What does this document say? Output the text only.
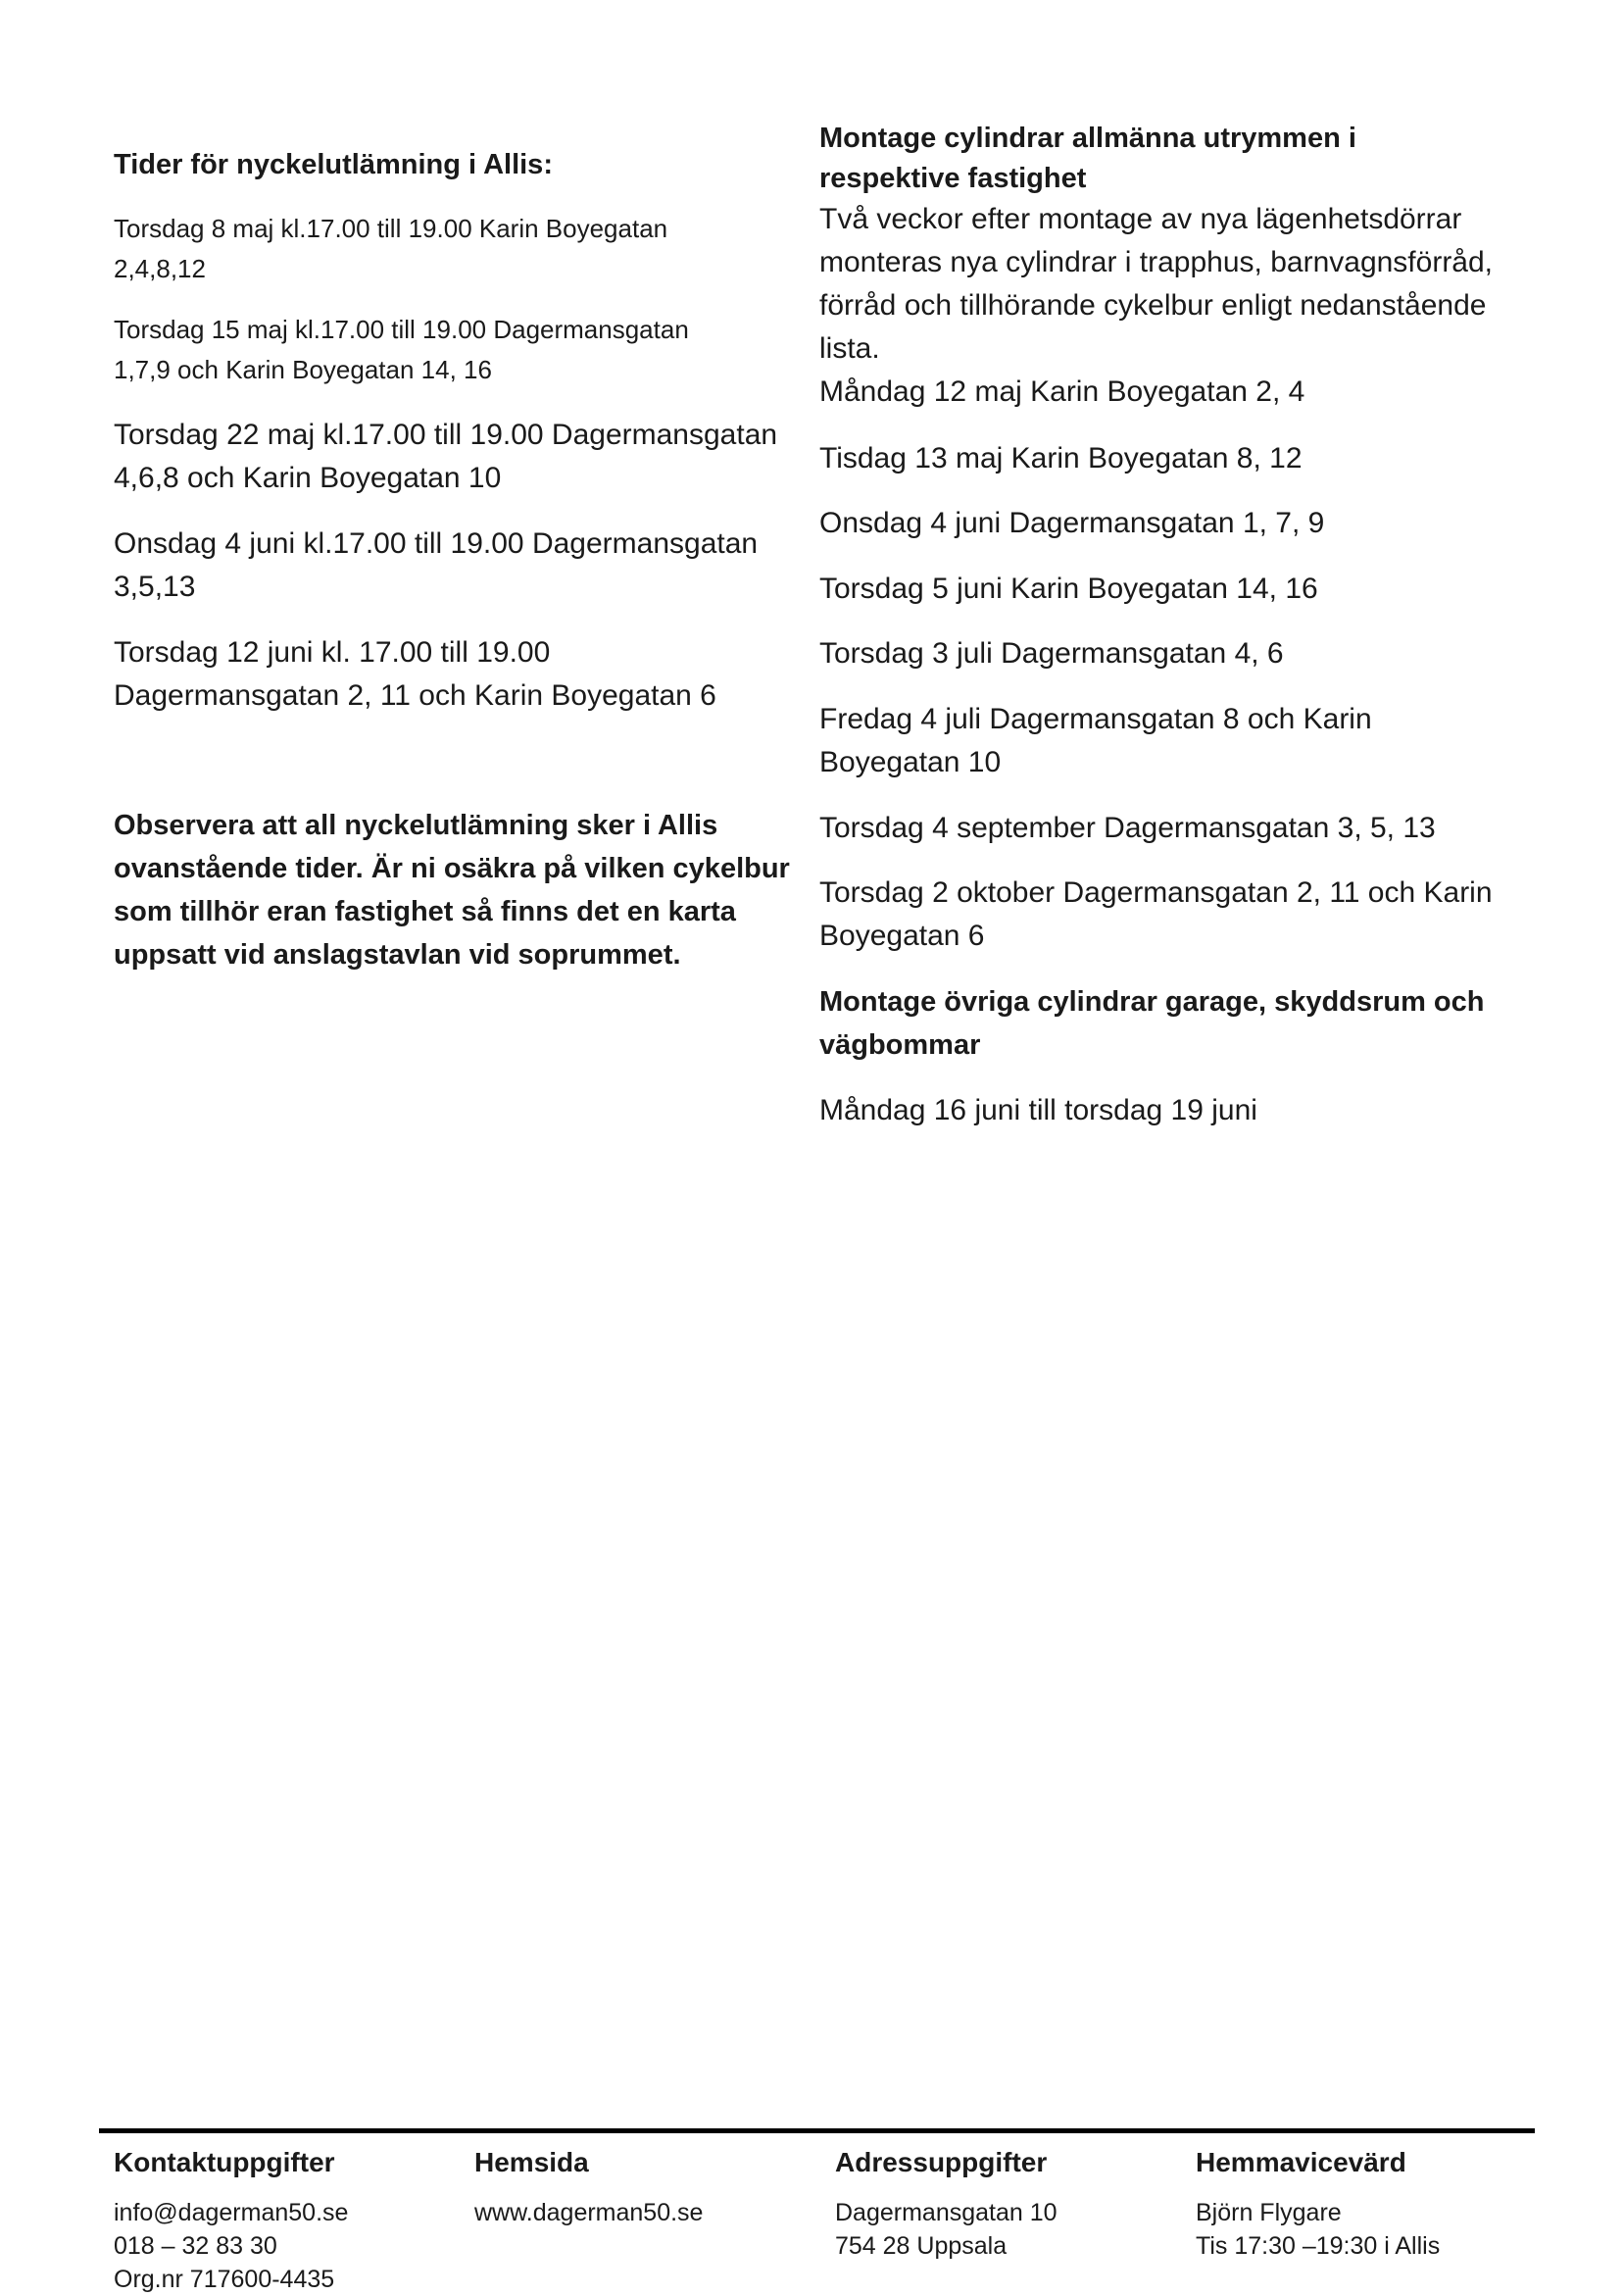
Tider för nyckelutlämning i Allis:
Torsdag 8 maj kl.17.00 till 19.00 Karin Boyegatan
2,4,8,12
Torsdag 15 maj kl.17.00 till 19.00 Dagermansgatan
1,7,9 och Karin Boyegatan 14, 16
Torsdag 22 maj kl.17.00 till 19.00 Dagermansgatan
4,6,8 och Karin Boyegatan 10
Onsdag 4 juni kl.17.00 till 19.00 Dagermansgatan
3,5,13
Torsdag 12 juni kl. 17.00 till 19.00
Dagermansgatan 2, 11 och Karin Boyegatan 6
Observera att all nyckelutlämning sker i Allis
ovanstående tider. Är ni osäkra på vilken cykelbur
som tillhör eran fastighet så finns det en karta
uppsatt vid anslagstavlan vid soprummet.
Montage cylindrar allmänna utrymmen i
respektive fastighet
Två veckor efter montage av nya lägenhetsdörrar
monteras nya cylindrar i trapphus, barnvagnsförråd,
förråd och tillhörande cykelbur enligt nedanstående
lista.
Måndag 12 maj Karin Boyegatan 2, 4
Tisdag 13 maj Karin Boyegatan 8, 12
Onsdag 4 juni Dagermansgatan 1, 7, 9
Torsdag 5 juni Karin Boyegatan 14, 16
Torsdag 3 juli Dagermansgatan 4, 6
Fredag 4 juli Dagermansgatan 8 och Karin
Boyegatan 10
Torsdag 4 september Dagermansgatan 3, 5, 13
Torsdag 2 oktober Dagermansgatan 2, 11 och Karin
Boyegatan 6
Montage övriga cylindrar garage, skyddsrum och
vägbommar
Måndag 16 juni till torsdag 19 juni
Kontaktuppgifter
info@dagerman50.se
018 – 32 83 30
Org.nr 717600-4435
Hemsida
www.dagerman50.se
Adressuppgifter
Dagermansgatan 10
754 28 Uppsala
Hemmavicevärd
Björn Flygare
Tis 17:30 –19:30 i Allis
